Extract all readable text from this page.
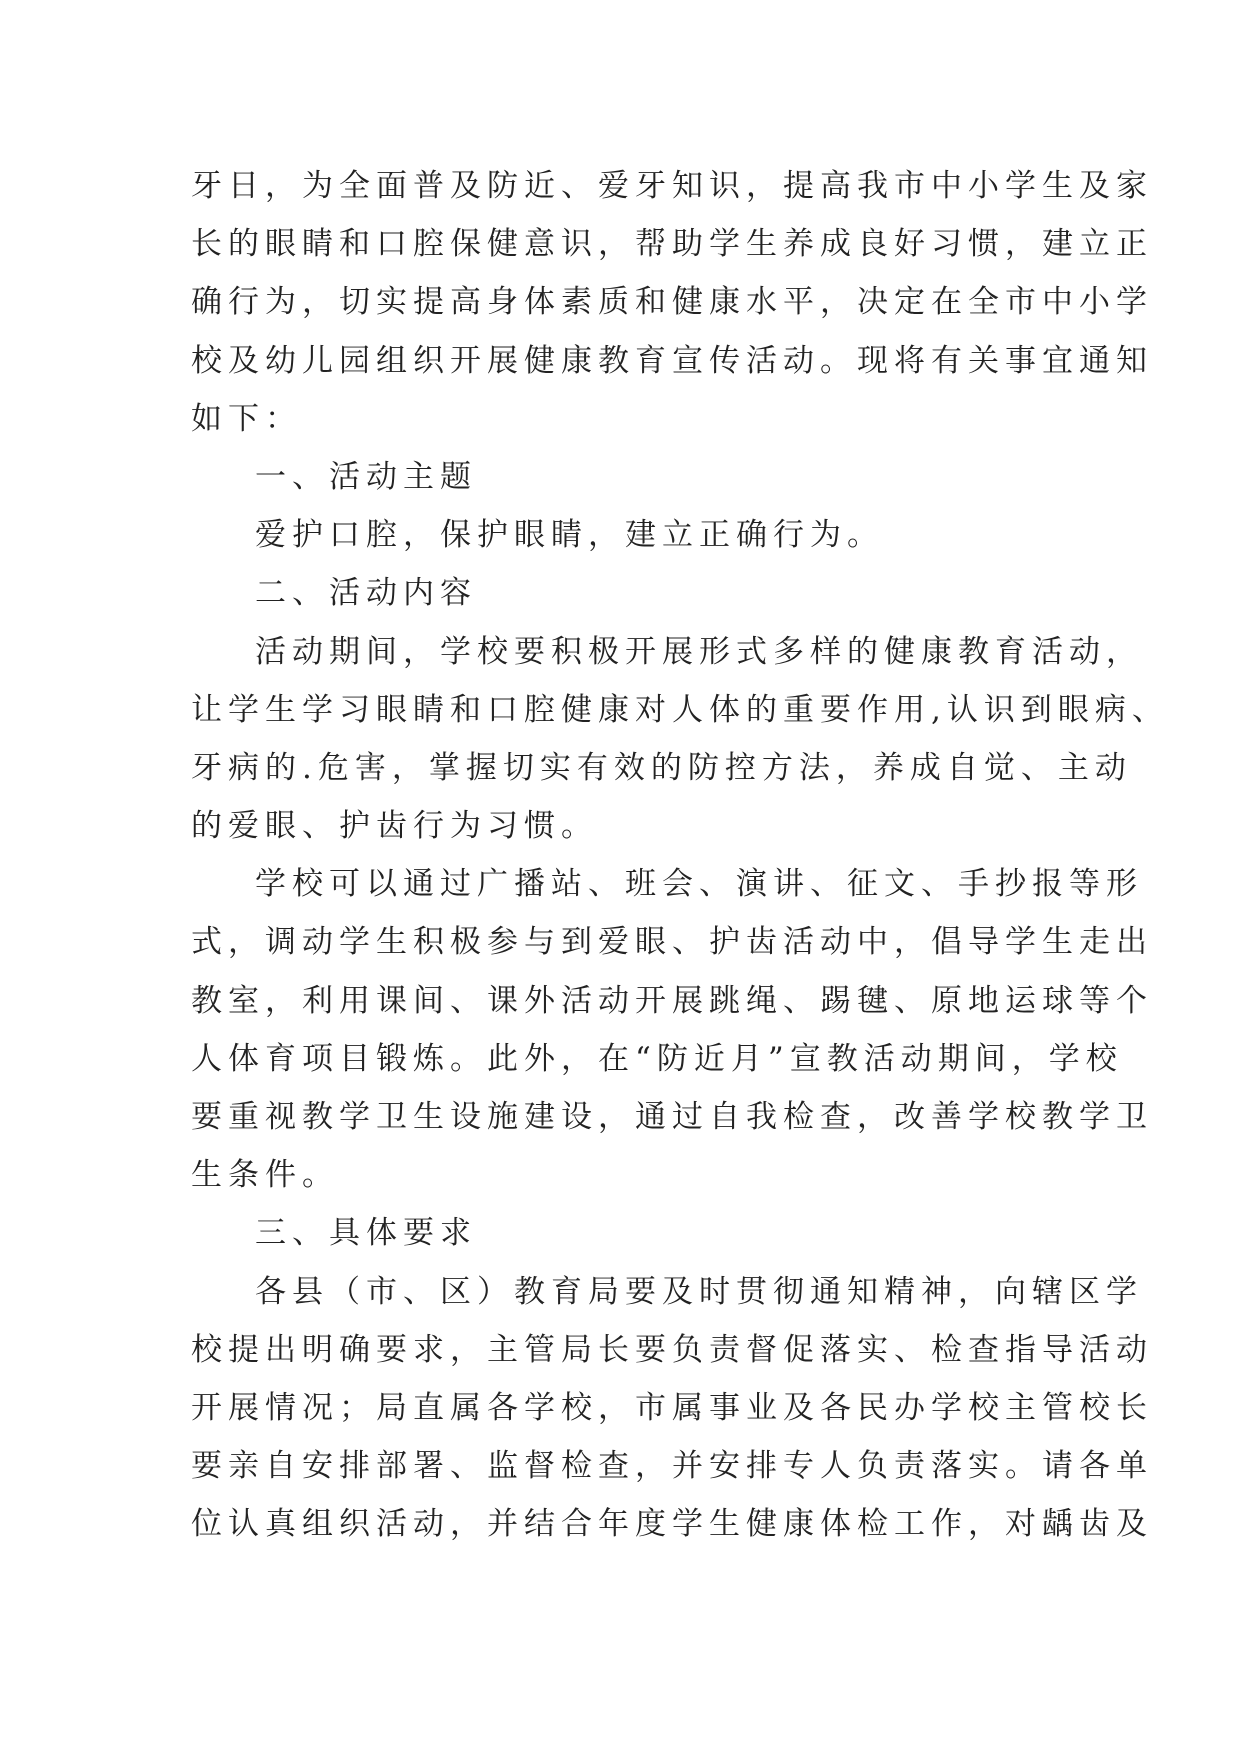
牙日，为全面普及防近、爱牙知识，提高我市中小学生及家
长的眼睛和口腔保健意识，帮助学生养成良好习惯，建立正
确行为，切实提高身体素质和健康水平，决定在全市中小学
校及幼儿园组织开展健康教育宣传活动。现将有关事宜通知
如下：
一、活动主题
爱护口腔，保护眼睛，建立正确行为。
二、活动内容
活动期间，学校要积极开展形式多样的健康教育活动，
让学生学习眼睛和口腔健康对人体的重要作用,认识到眼病、
牙病的.危害，掌握切实有效的防控方法，养成自觉、主动
的爱眼、护齿行为习惯。
学校可以通过广播站、班会、演讲、征文、手抄报等形
式，调动学生积极参与到爱眼、护齿活动中，倡导学生走出
教室，利用课间、课外活动开展跳绳、踢毽、原地运球等个
人体育项目锻炼。此外，在“防近月”宣教活动期间，学校
要重视教学卫生设施建设，通过自我检查，改善学校教学卫
生条件。
三、具体要求
各县（市、区）教育局要及时贯彻通知精神，向辖区学
校提出明确要求，主管局长要负责督促落实、检查指导活动
开展情况；局直属各学校，市属事业及各民办学校主管校长
要亲自安排部署、监督检查，并安排专人负责落实。请各单
位认真组织活动，并结合年度学生健康体检工作，对龋齿及
